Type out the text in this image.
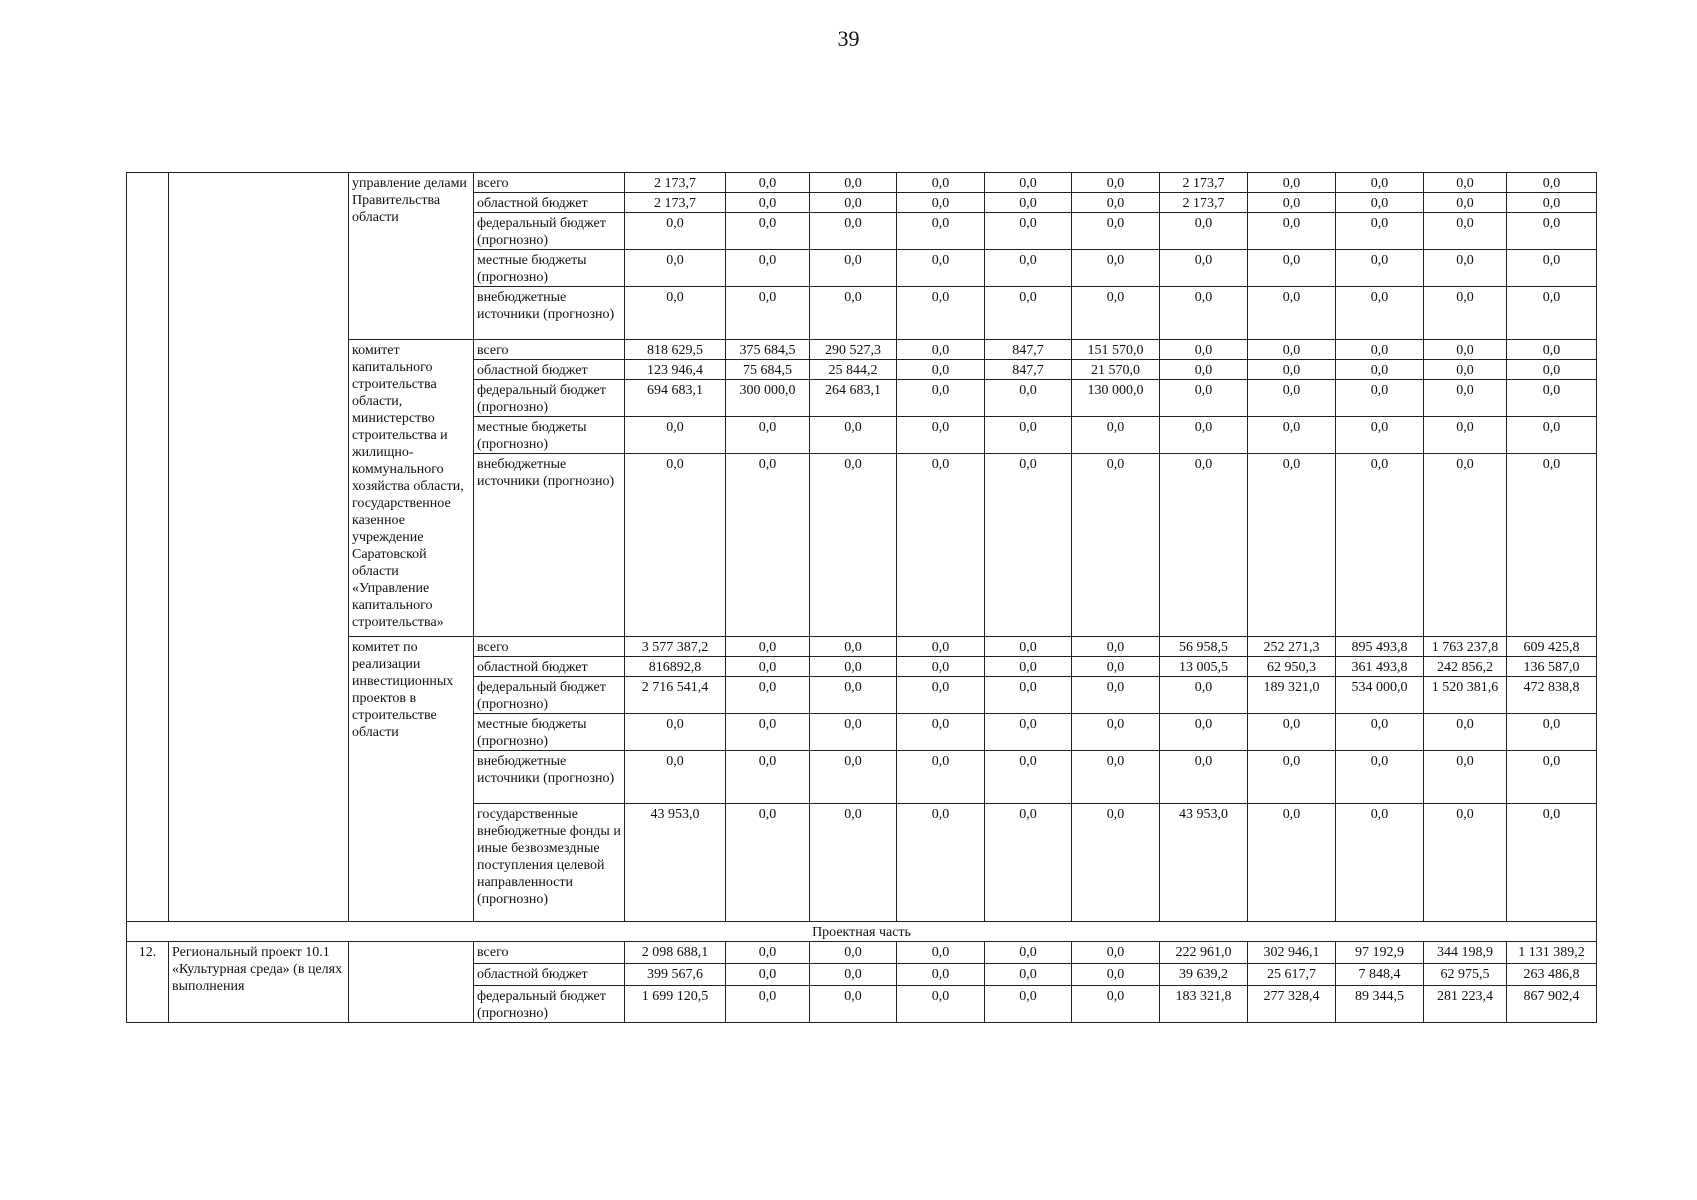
39
		управление делами Правительства области	всего	2 173,7	0,0	0,0	0,0	0,0	0,0	2 173,7	0,0	0,0	0,0	0,0
			областной бюджет	2 173,7	0,0	0,0	0,0	0,0	0,0	2 173,7	0,0	0,0	0,0	0,0
			федеральный бюджет (прогнозно)	0,0	0,0	0,0	0,0	0,0	0,0	0,0	0,0	0,0	0,0	0,0
			местные бюджеты (прогнозно)	0,0	0,0	0,0	0,0	0,0	0,0	0,0	0,0	0,0	0,0	0,0
			внебюджетные источники (прогнозно)	0,0	0,0	0,0	0,0	0,0	0,0	0,0	0,0	0,0	0,0	0,0
		комитет капитального строительства области, министерство строительства и жилищно-коммунального хозяйства области, государственное казенное учреждение Саратовской области «Управление капитального строительства»	всего	818 629,5	375 684,5	290 527,3	0,0	847,7	151 570,0	0,0	0,0	0,0	0,0	0,0
			областной бюджет	123 946,4	75 684,5	25 844,2	0,0	847,7	21 570,0	0,0	0,0	0,0	0,0	0,0
			федеральный бюджет (прогнозно)	694 683,1	300 000,0	264 683,1	0,0	0,0	130 000,0	0,0	0,0	0,0	0,0	0,0
			местные бюджеты (прогнозно)	0,0	0,0	0,0	0,0	0,0	0,0	0,0	0,0	0,0	0,0	0,0
			внебюджетные источники (прогнозно)	0,0	0,0	0,0	0,0	0,0	0,0	0,0	0,0	0,0	0,0	0,0
		комитет по реализации инвестиционных проектов в строительстве области	всего	3 577 387,2	0,0	0,0	0,0	0,0	0,0	56 958,5	252 271,3	895 493,8	1 763 237,8	609 425,8
			областной бюджет	816892,8	0,0	0,0	0,0	0,0	0,0	13 005,5	62 950,3	361 493,8	242 856,2	136 587,0
			федеральный бюджет (прогнозно)	2 716 541,4	0,0	0,0	0,0	0,0	0,0	0,0	189 321,0	534 000,0	1 520 381,6	472 838,8
			местные бюджеты (прогнозно)	0,0	0,0	0,0	0,0	0,0	0,0	0,0	0,0	0,0	0,0	0,0
			внебюджетные источники (прогнозно)	0,0	0,0	0,0	0,0	0,0	0,0	0,0	0,0	0,0	0,0	0,0
			государственные внебюджетные фонды и иные безвозмездные поступления целевой направленности (прогнозно)	43 953,0	0,0	0,0	0,0	0,0	0,0	43 953,0	0,0	0,0	0,0	0,0
Проектная часть														
12.	Региональный проект 10.1 «Культурная среда» (в целях выполнения		всего	2 098 688,1	0,0	0,0	0,0	0,0	0,0	222 961,0	302 946,1	97 192,9	344 198,9	1 131 389,2
			областной бюджет	399 567,6	0,0	0,0	0,0	0,0	0,0	39 639,2	25 617,7	7 848,4	62 975,5	263 486,8
			федеральный бюджет (прогнозно)	1 699 120,5	0,0	0,0	0,0	0,0	0,0	183 321,8	277 328,4	89 344,5	281 223,4	867 902,4
